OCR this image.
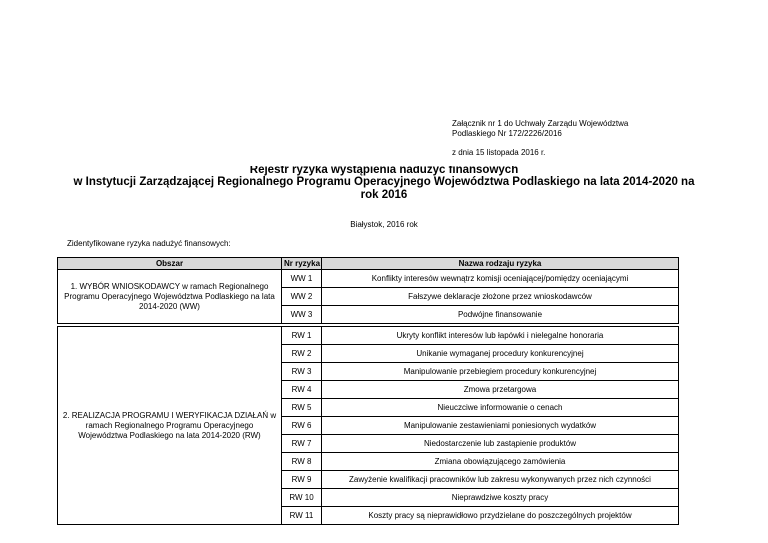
Załącznik nr 1 do Uchwały Zarządu Województwa
Podlaskiego Nr 172/2226/2016
z dnia 15 listopada 2016 r.
Rejestr ryzyka wystąpienia nadużyć finansowych
w Instytucji Zarządzającej Regionalnego Programu Operacyjnego Województwa Podlaskiego na lata 2014-2020 na
rok 2016
Białystok, 2016 rok
Zidentyfikowane ryzyka nadużyć finansowych:
Obszar	Nr ryzyka	Nazwa rodzaju ryzyka
1. WYBÓR WNIOSKODAWCY w ramach Regionalnego Programu Operacyjnego Województwa Podlaskiego na lata 2014-2020 (WW)	WW 1	Konflikty interesów wewnątrz komisji oceniającej/pomiędzy oceniającymi
	WW 2	Fałszywe deklaracje złożone przez wnioskodawców
	WW 3	Podwójne finansowanie

2. REALIZACJA PROGRAMU I WERYFIKACJA DZIAŁAŃ w ramach Regionalnego Programu Operacyjnego Województwa Podlaskiego na lata 2014-2020 (RW)	RW 1	Ukryty konflikt interesów lub łapówki i nielegalne honoraria
	RW 2	Unikanie wymaganej procedury konkurencyjnej
	RW 3	Manipulowanie przebiegiem procedury konkurencyjnej
	RW 4	Zmowa przetargowa
	RW 5	Nieuczciwe informowanie o cenach
	RW 6	Manipulowanie zestawieniami poniesionych wydatków
	RW 7	Niedostarczenie lub zastąpienie produktów
	RW 8	Zmiana obowiązującego zamówienia
	RW 9	Zawyżenie kwalifikacji pracowników lub zakresu wykonywanych przez nich czynności
	RW 10	Nieprawdziwe koszty pracy
	RW 11	Koszty pracy są nieprawidłowo przydzielane do poszczególnych projektów
